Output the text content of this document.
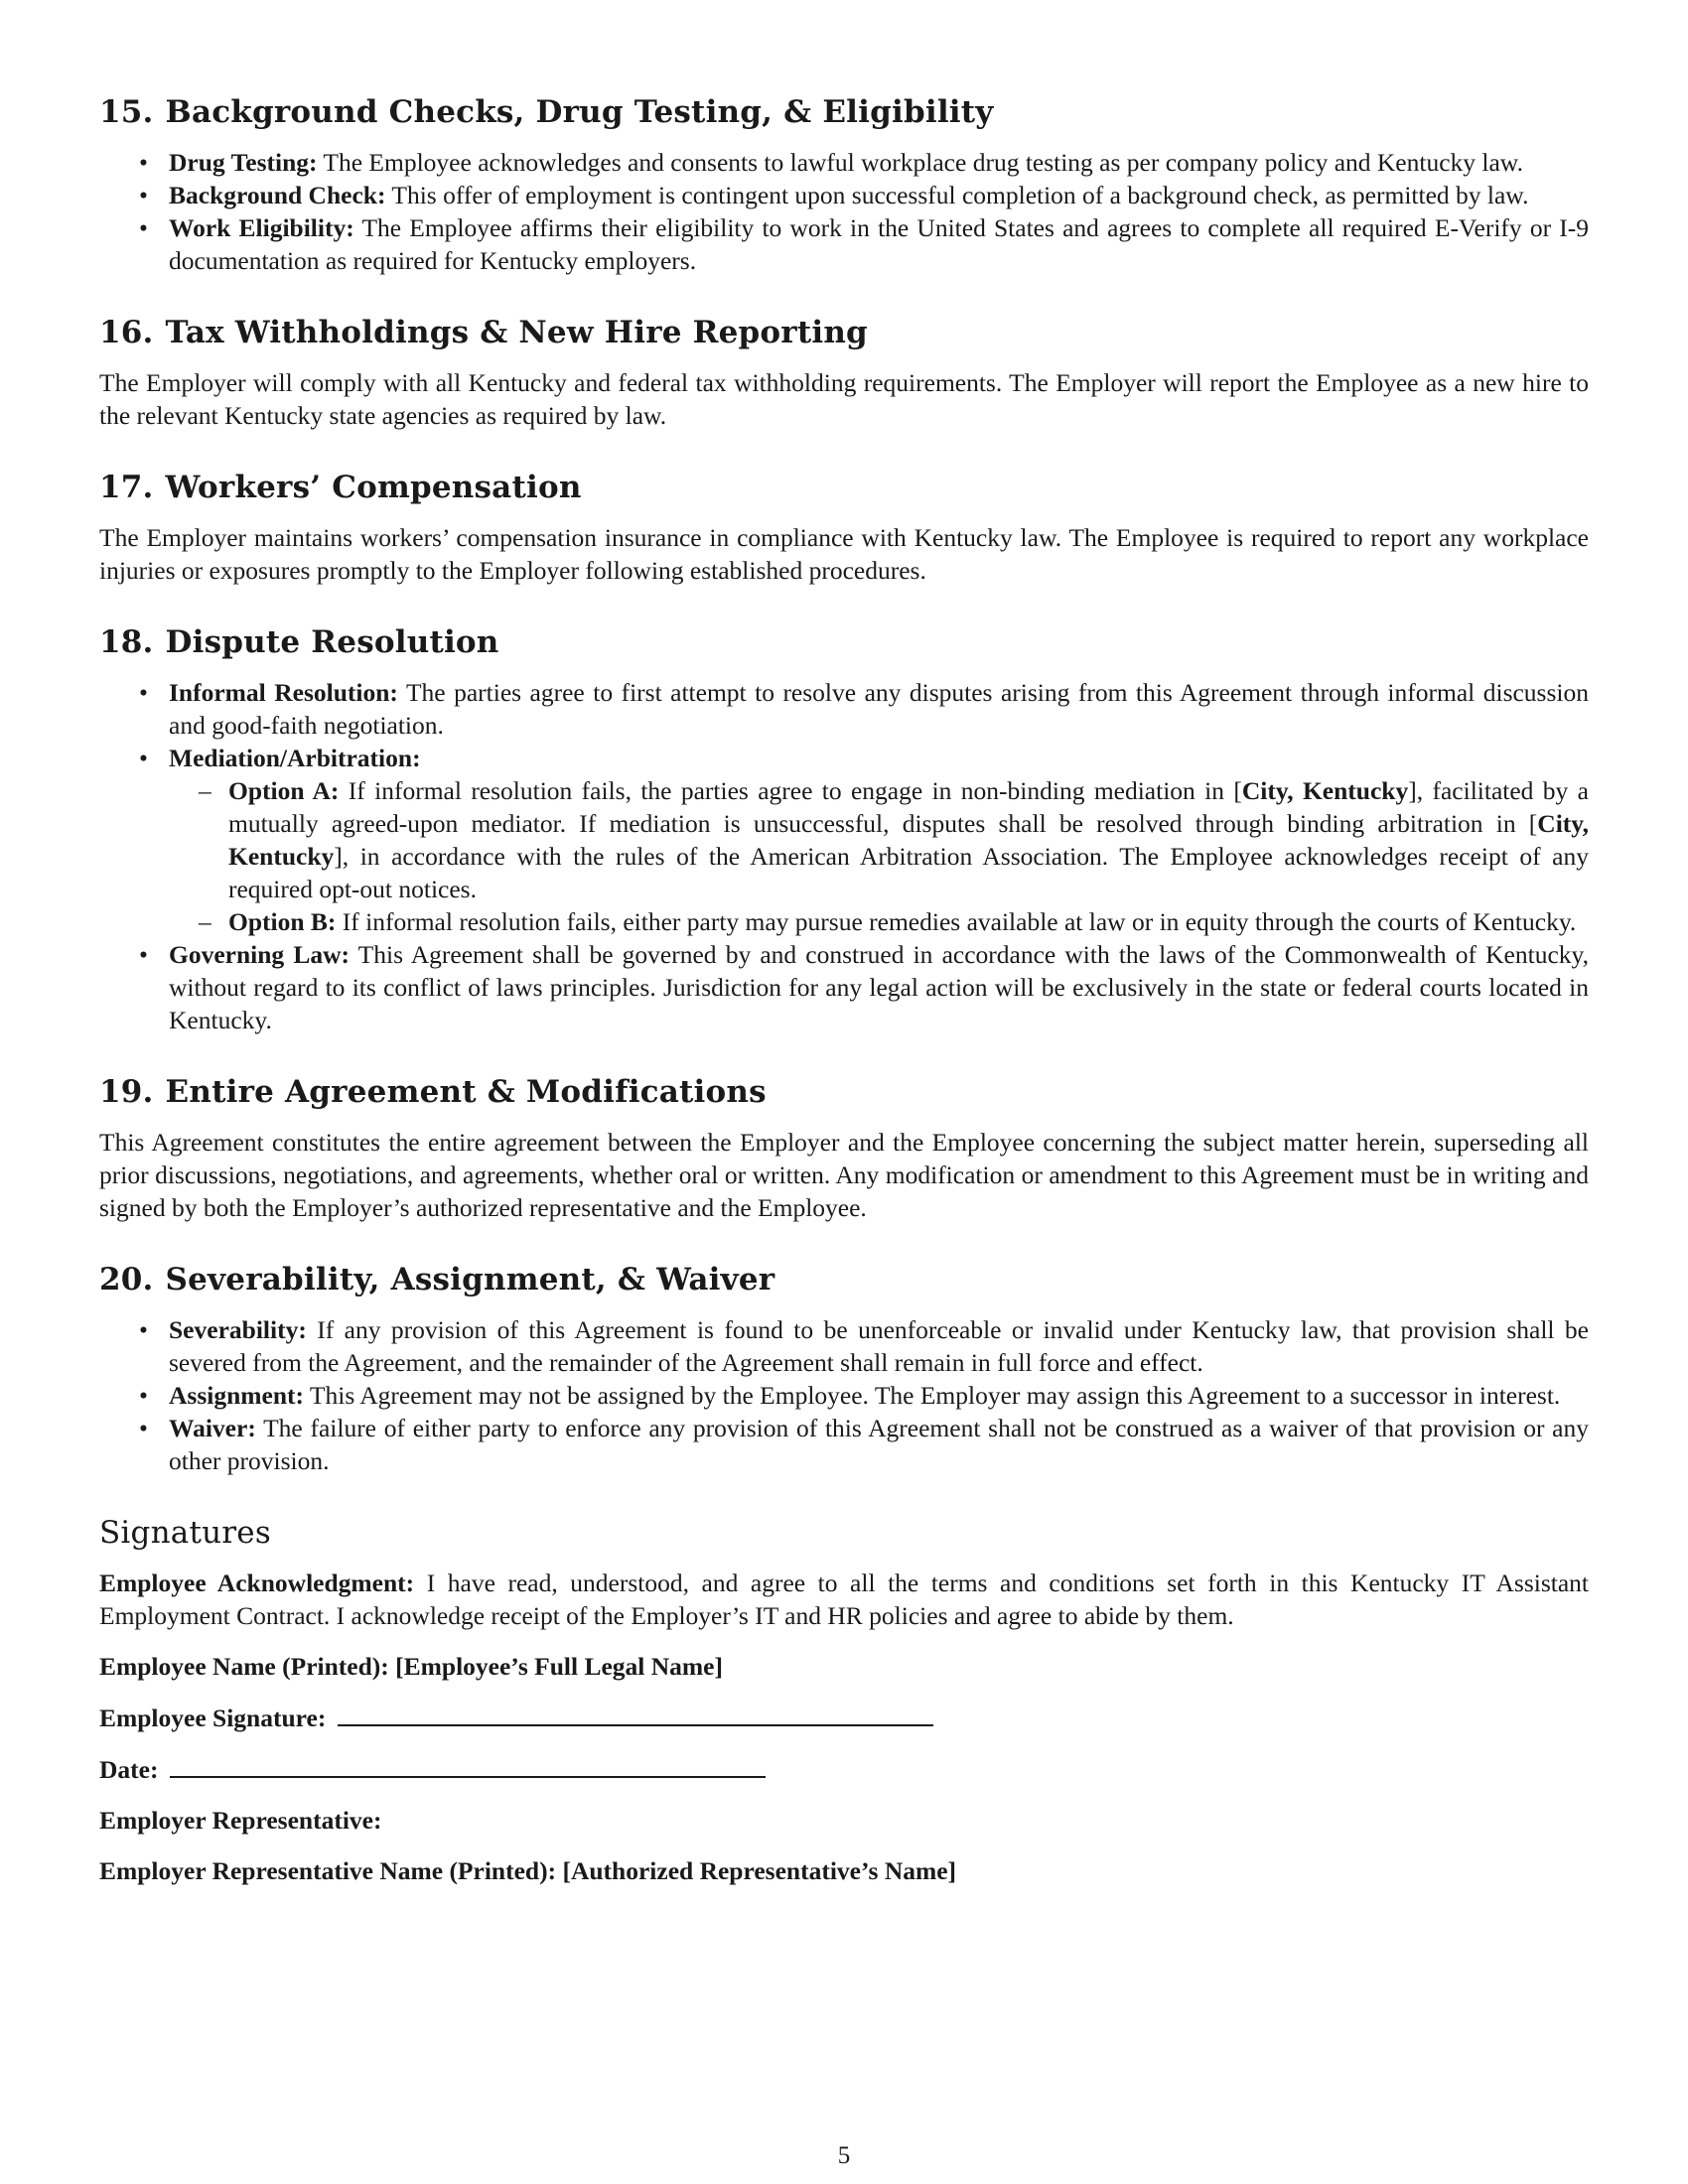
15. Background Checks, Drug Testing, & Eligibility
• Drug Testing: The Employee acknowledges and consents to lawful workplace drug testing as per company policy and Kentucky law.
• Background Check: This offer of employment is contingent upon successful completion of a background check, as permitted by law.
• Work Eligibility: The Employee affirms their eligibility to work in the United States and agrees to complete all required E-Verify or I-9 documentation as required for Kentucky employers.
16. Tax Withholdings & New Hire Reporting

The Employer will comply with all Kentucky and federal tax withholding requirements. The Employer will report the Employee as a new hire to the relevant Kentucky state agencies as required by law.

17. Workers’ Compensation

The Employer maintains workers’ compensation insurance in compliance with Kentucky law. The Employee is required to report any workplace injuries or exposures promptly to the Employer following established procedures.

18. Dispute Resolution
• Informal Resolution: The parties agree to first attempt to resolve any disputes arising from this Agreement through informal discussion and good-faith negotiation.
• Mediation/Arbitration:
– Option A: If informal resolution fails, the parties agree to engage in non-binding mediation in [City, Kentucky], facilitated by a mutually agreed-upon mediator. If mediation is unsuccessful, disputes shall be resolved through binding arbitration in [City, Kentucky], in accordance with the rules of the American Arbitration Association. The Employee acknowledges receipt of any required opt-out notices.
– Option B: If informal resolution fails, either party may pursue remedies available at law or in equity through the courts of Kentucky.
• Governing Law: This Agreement shall be governed by and construed in accordance with the laws of the Commonwealth of Kentucky, without regard to its conflict of laws principles. Jurisdiction for any legal action will be exclusively in the state or federal courts located in Kentucky.
19. Entire Agreement & Modifications

This Agreement constitutes the entire agreement between the Employer and the Employee concerning the subject matter herein, superseding all prior discussions, negotiations, and agreements, whether oral or written. Any modification or amendment to this Agreement must be in writing and signed by both the Employer’s authorized representative and the Employee.

20. Severability, Assignment, & Waiver
• Severability: If any provision of this Agreement is found to be unenforceable or invalid under Kentucky law, that provision shall be severed from the Agreement, and the remainder of the Agreement shall remain in full force and effect.
• Assignment: This Agreement may not be assigned by the Employee. The Employer may assign this Agreement to a successor in interest.
• Waiver: The failure of either party to enforce any provision of this Agreement shall not be construed as a waiver of that provision or any other provision.
Signatures

Employee Acknowledgment: I have read, understood, and agree to all the terms and conditions set forth in this Kentucky IT Assistant Employment Contract. I acknowledge receipt of the Employer’s IT and HR policies and agree to abide by them.

Employee Name (Printed): [Employee’s Full Legal Name]

Employee Signature:

Date:

Employer Representative:

Employer Representative Name (Printed): [Authorized Representative’s Name]

5
